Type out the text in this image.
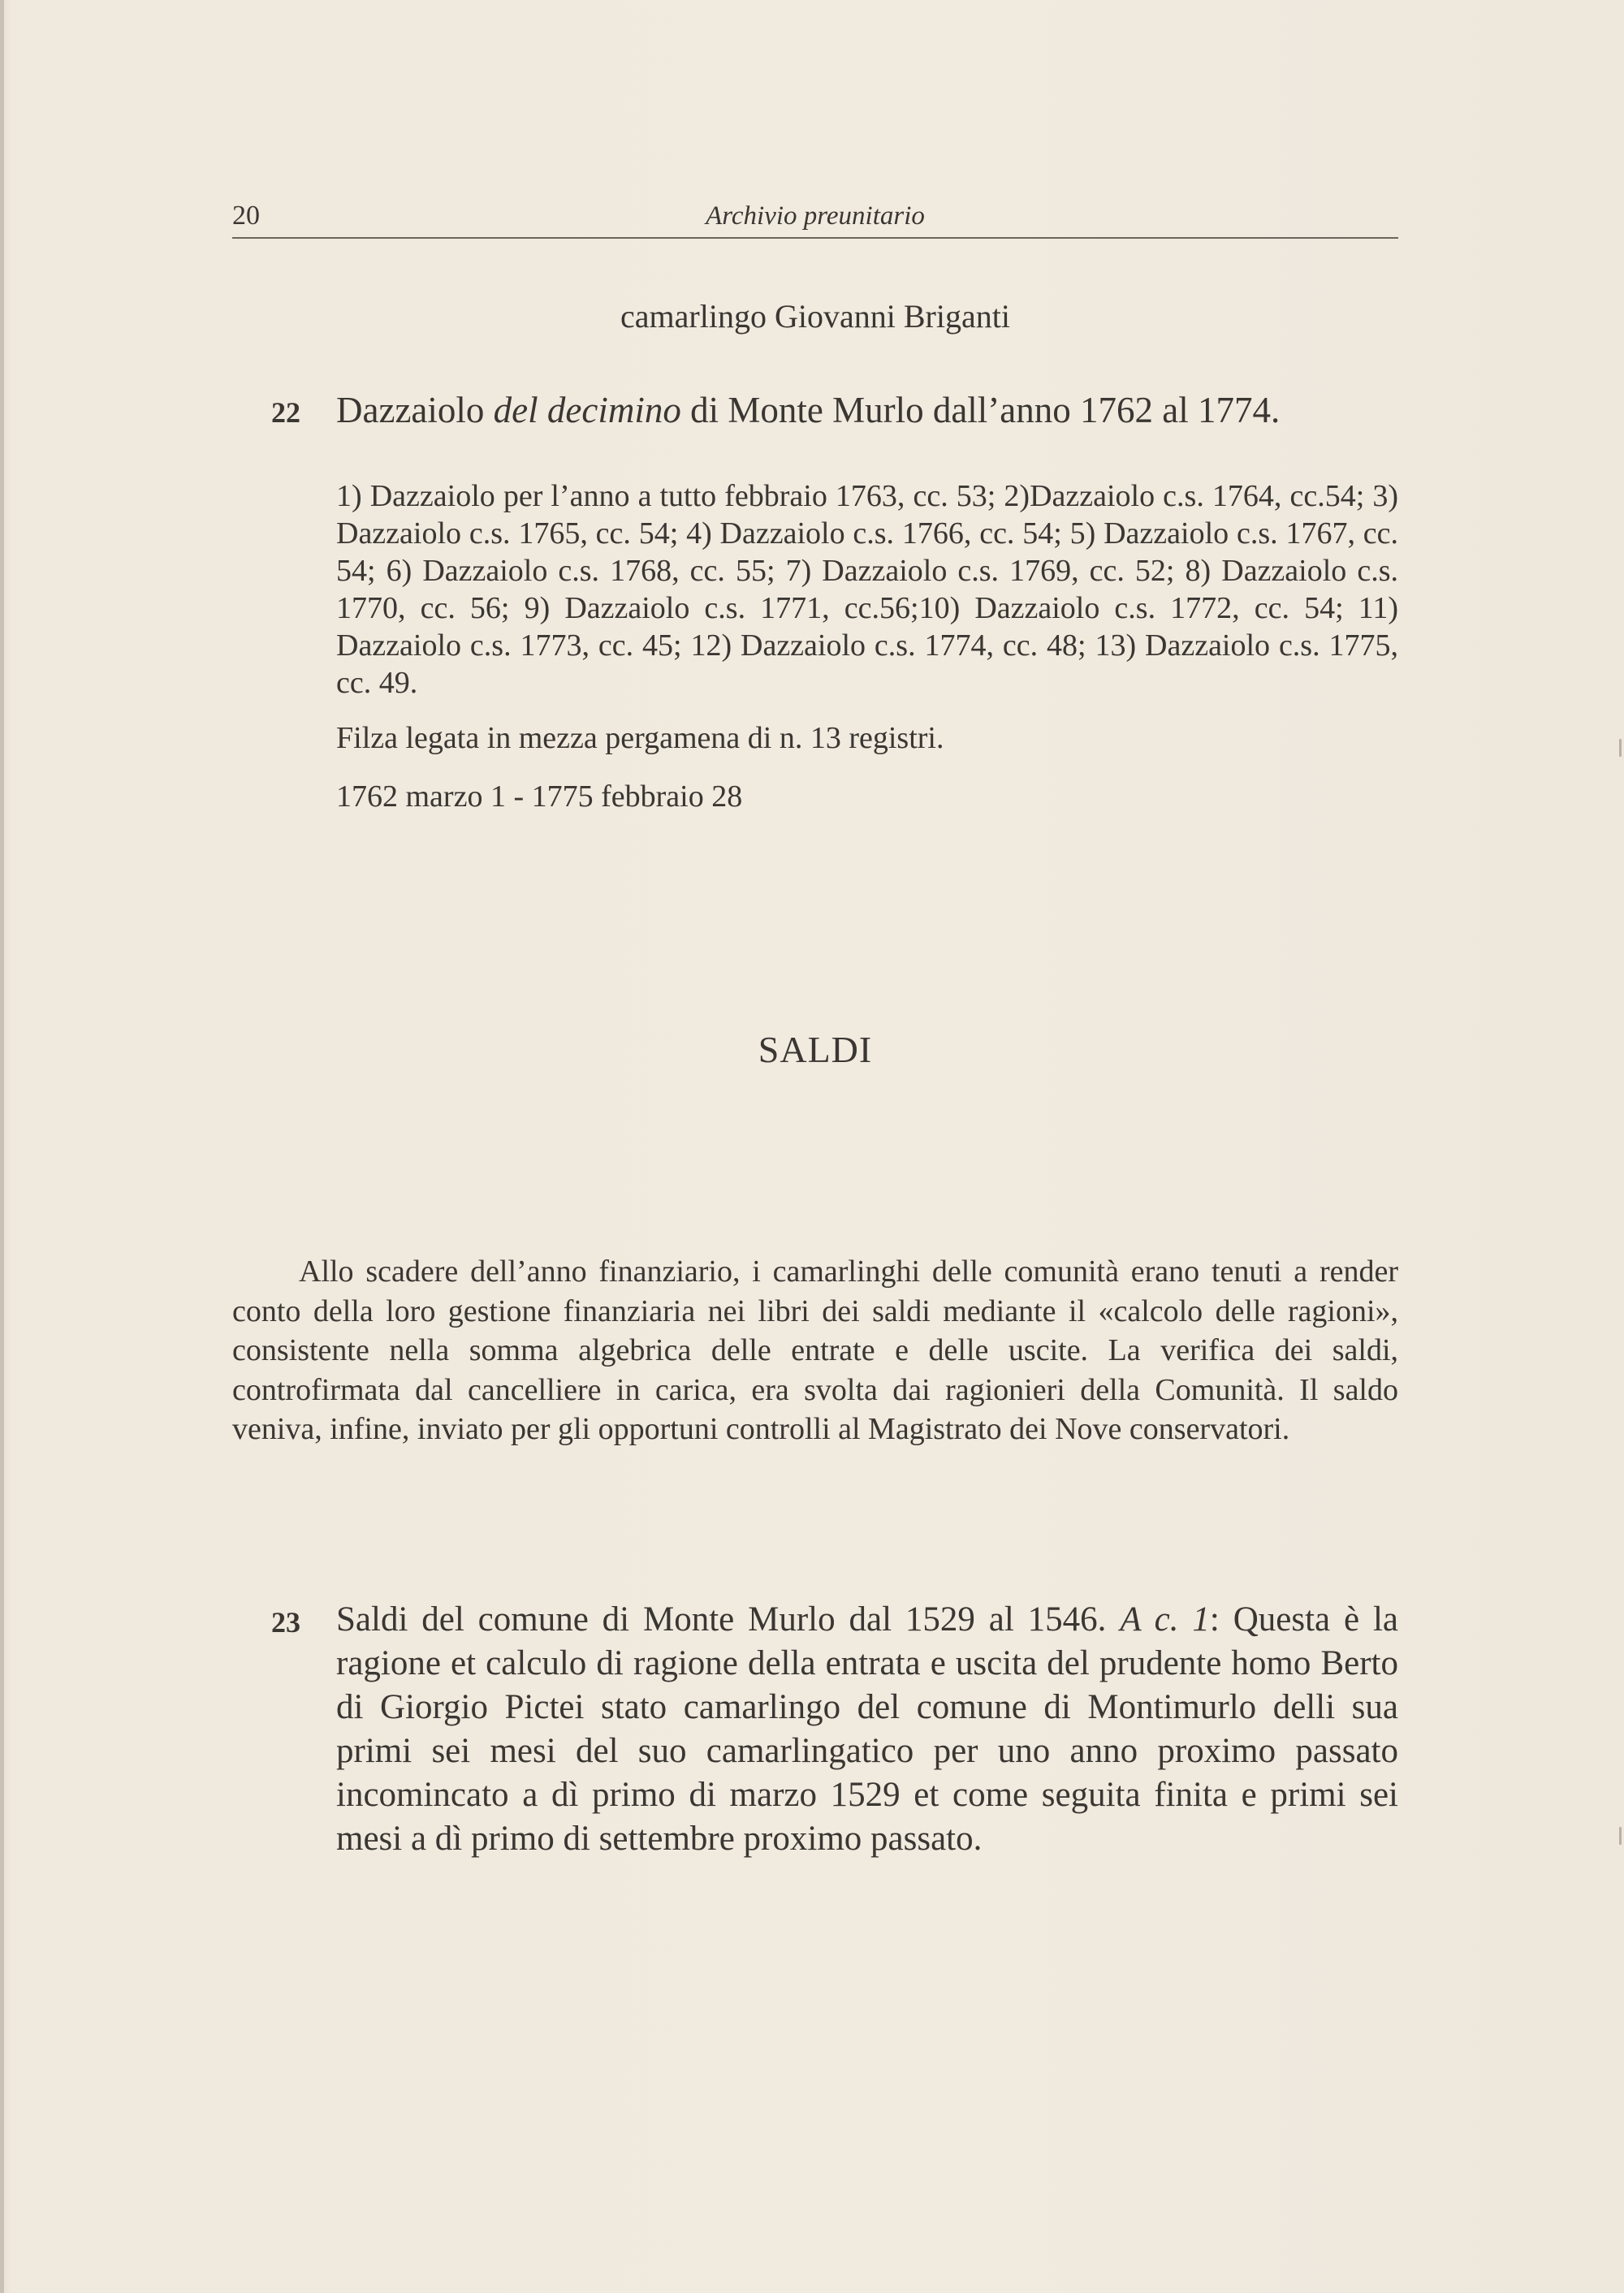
20	Archivio preunitario
camarlingo Giovanni Briganti
22 Dazzaiolo del decimino di Monte Murlo dall’anno 1762 al 1774.
1) Dazzaiolo per l’anno a tutto febbraio 1763, cc. 53; 2)Dazzaiolo c.s. 1764, cc.54; 3) Dazzaiolo c.s. 1765, cc. 54; 4) Dazzaiolo c.s. 1766, cc. 54; 5) Dazzaiolo c.s. 1767, cc. 54; 6) Dazzaiolo c.s. 1768, cc. 55; 7) Dazzaiolo c.s. 1769, cc. 52; 8) Dazzaiolo c.s. 1770, cc. 56; 9) Dazzaiolo c.s. 1771, cc.56;10) Dazzaiolo c.s. 1772, cc. 54; 11) Dazzaiolo c.s. 1773, cc. 45; 12) Dazzaiolo c.s. 1774, cc. 48; 13) Dazzaiolo c.s. 1775, cc. 49.
Filza legata in mezza pergamena di n. 13 registri.
1762 marzo 1 - 1775 febbraio 28
SALDI
Allo scadere dell’anno finanziario, i camarlinghi delle comunità erano tenuti a render conto della loro gestione finanziaria nei libri dei saldi mediante il «calcolo delle ragioni», consistente nella somma algebrica delle entrate e delle uscite. La verifica dei saldi, controfirmata dal cancelliere in carica, era svolta dai ragionieri della Comunità. Il saldo veniva, infine, inviato per gli opportuni controlli al Magistrato dei Nove conservatori.
23 Saldi del comune di Monte Murlo dal 1529 al 1546. A c. 1: Questa è la ragione et calculo di ragione della entrata e uscita del prudente homo Berto di Giorgio Pictei stato camarlingo del comune di Montimurlo delli sua primi sei mesi del suo camarlingatico per uno anno proximo passato incomincato a dì primo di marzo 1529 et come seguita finita e primi sei mesi a dì primo di settembre proximo passato.
